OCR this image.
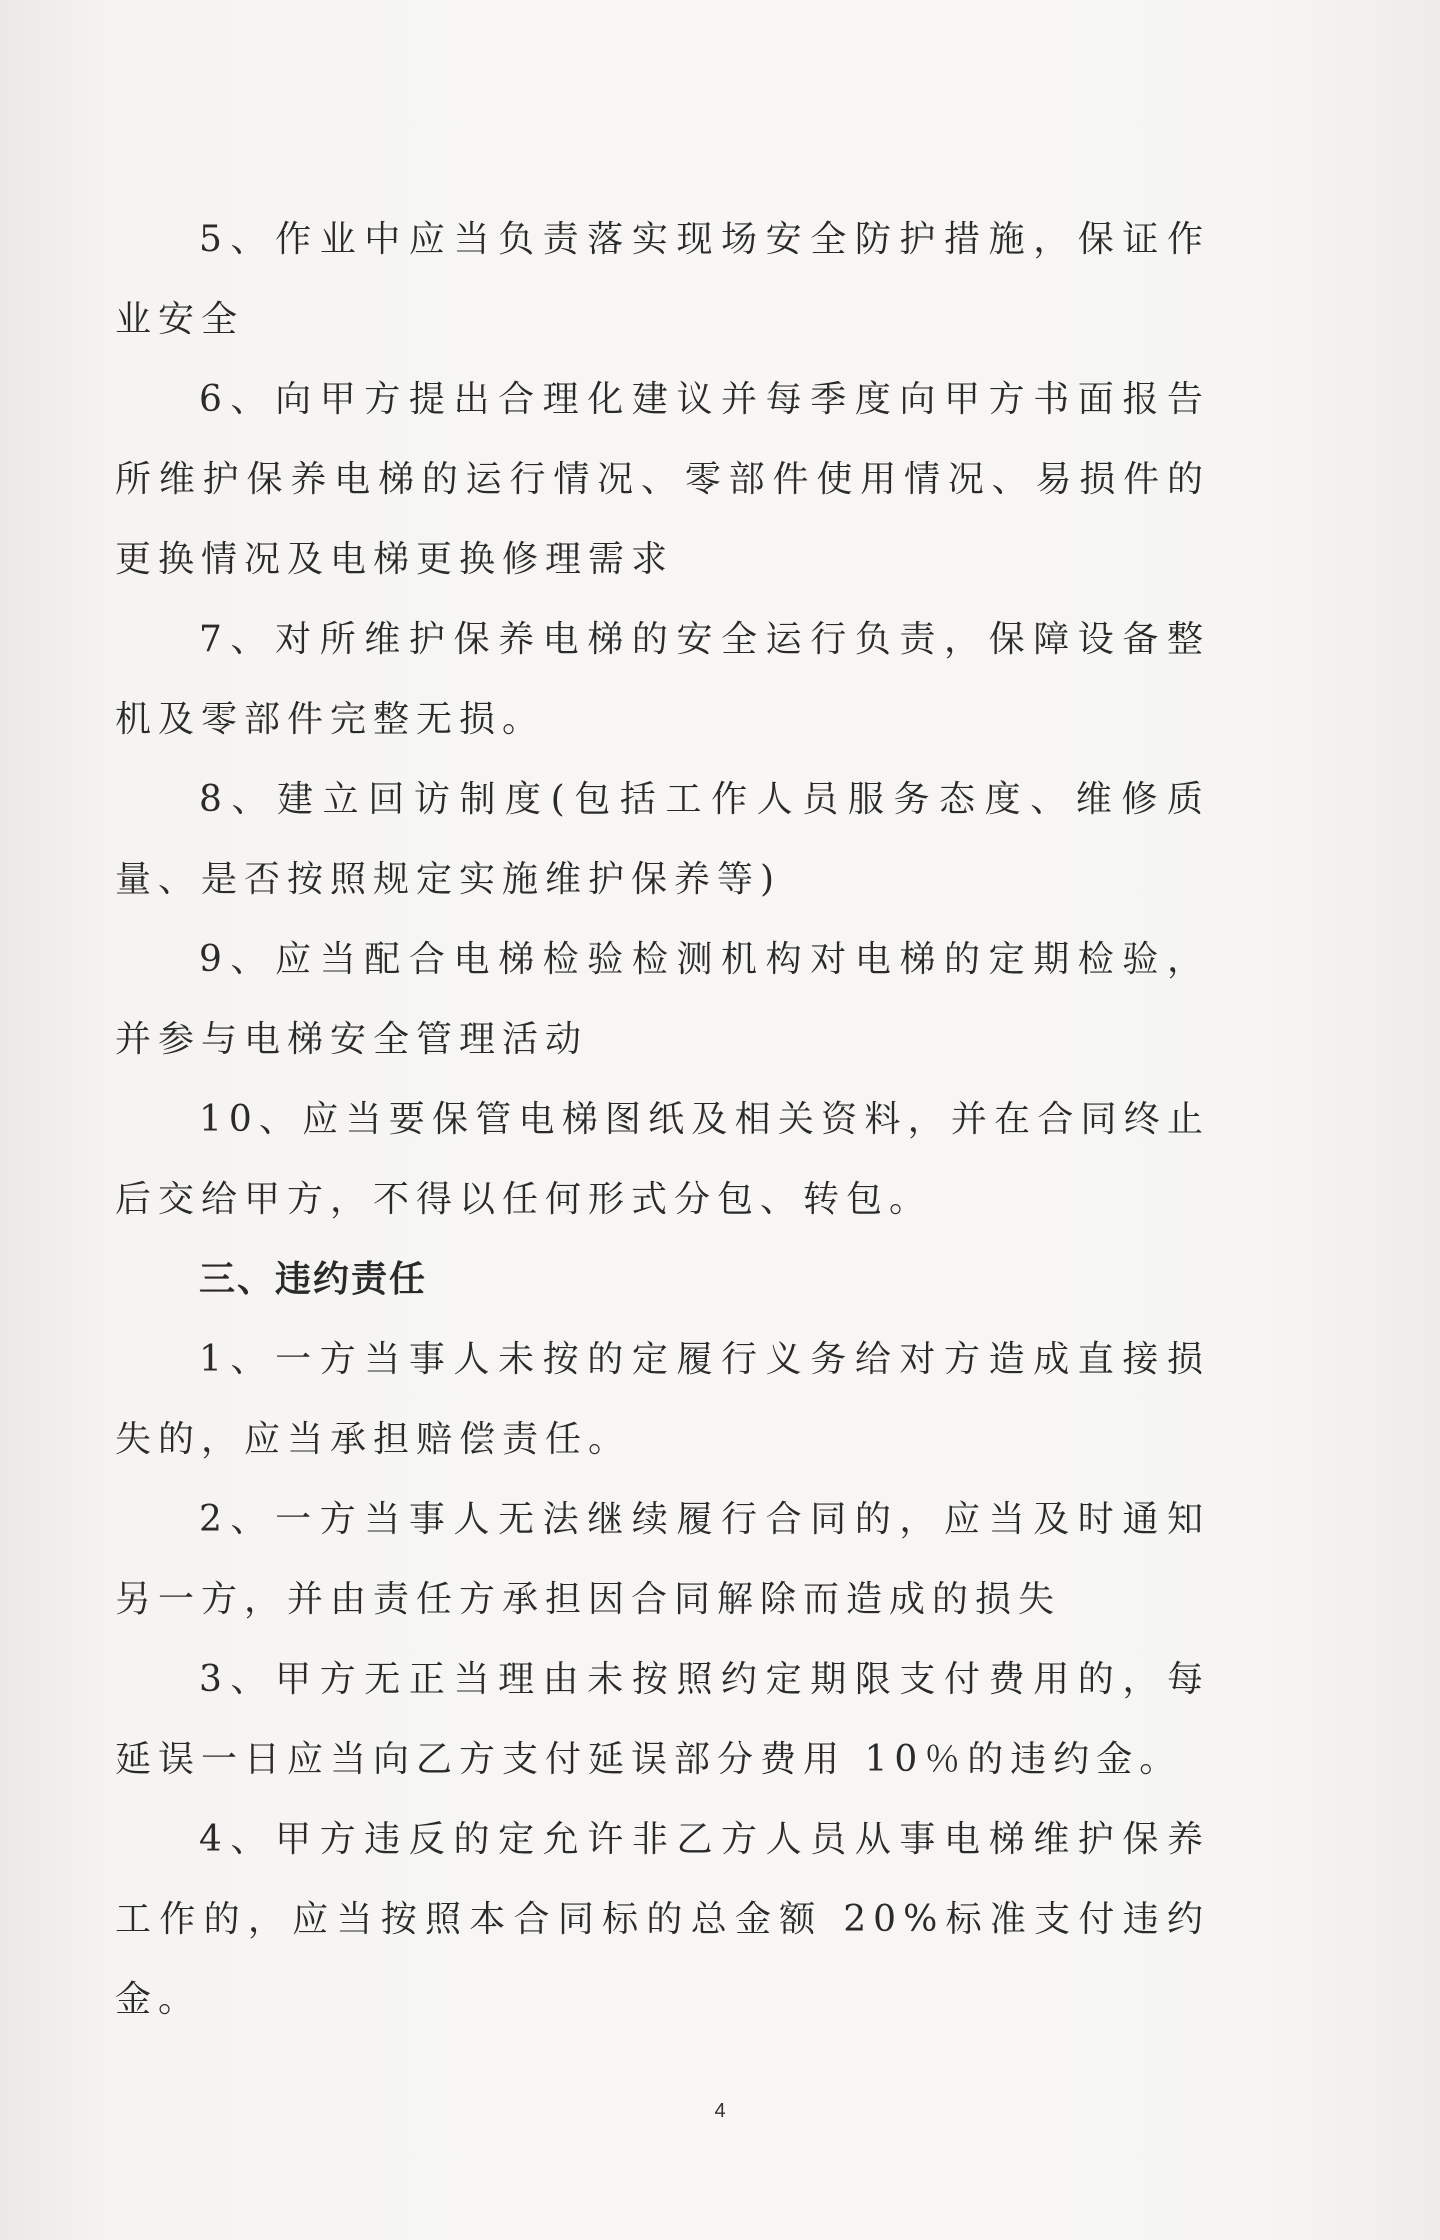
5、作业中应当负责落实现场安全防护措施，保证作业安全

6、向甲方提出合理化建议并每季度向甲方书面报告所维护保养电梯的运行情况、零部件使用情况、易损件的更换情况及电梯更换修理需求

7、对所维护保养电梯的安全运行负责，保障设备整机及零部件完整无损。

8、建立回访制度(包括工作人员服务态度、维修质量、是否按照规定实施维护保养等)

9、应当配合电梯检验检测机构对电梯的定期检验，并参与电梯安全管理活动

10、应当要保管电梯图纸及相关资料，并在合同终止后交给甲方，不得以任何形式分包、转包。

三、违约责任

1、一方当事人未按的定履行义务给对方造成直接损失的，应当承担赔偿责任。

2、一方当事人无法继续履行合同的，应当及时通知另一方，并由责任方承担因合同解除而造成的损失

3、甲方无正当理由未按照约定期限支付费用的，每延误一日应当向乙方支付延误部分费用 10％的违约金。

4、甲方违反的定允许非乙方人员从事电梯维护保养工作的，应当按照本合同标的总金额 20%标准支付违约金。

4
